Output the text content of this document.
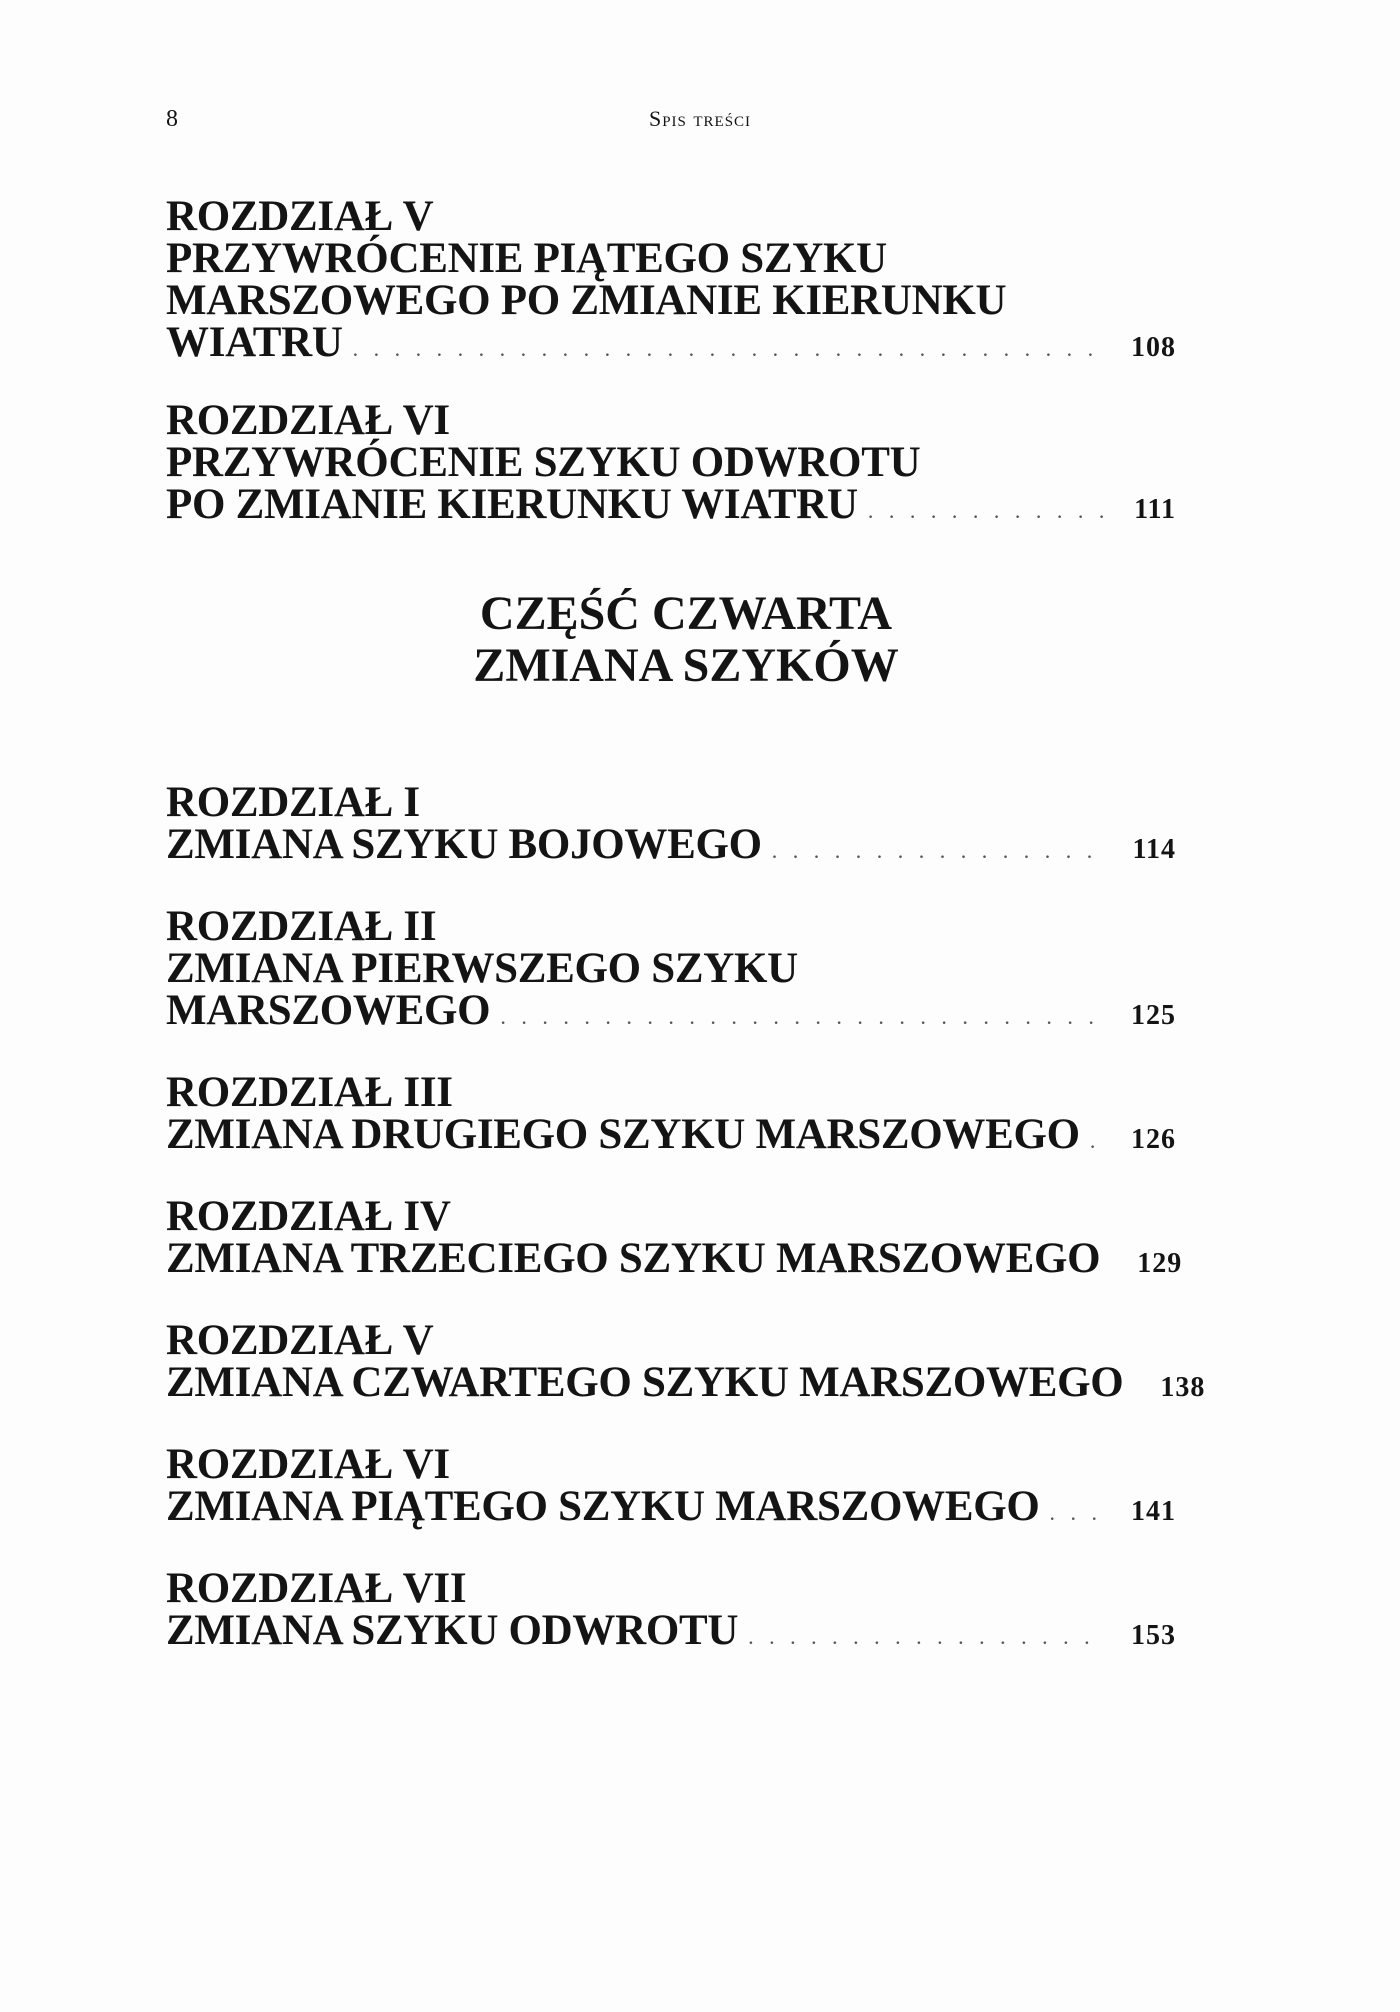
8	Spis treści
ROZDZIAŁ V
PRZYWRÓCENIE PIĄTEGO SZYKU
MARSZOWEGO PO ZMIANIE KIERUNKU
WIATRU . . .	108
ROZDZIAŁ VI
PRZYWRÓCENIE SZYKU ODWROTU
PO ZMIANIE KIERUNKU WIATRU . . .	111
CZĘŚĆ CZWARTA
ZMIANA SZYKÓW
ROZDZIAŁ I
ZMIANA SZYKU BOJOWEGO . . .	114
ROZDZIAŁ II
ZMIANA PIERWSZEGO SZYKU
MARSZOWEGO . . .	125
ROZDZIAŁ III
ZMIANA DRUGIEGO SZYKU MARSZOWEGO . . .	126
ROZDZIAŁ IV
ZMIANA TRZECIEGO SZYKU MARSZOWEGO	129
ROZDZIAŁ V
ZMIANA CZWARTEGO SZYKU MARSZOWEGO	138
ROZDZIAŁ VI
ZMIANA PIĄTEGO SZYKU MARSZOWEGO . . .	141
ROZDZIAŁ VII
ZMIANA SZYKU ODWROTU . . .	153
